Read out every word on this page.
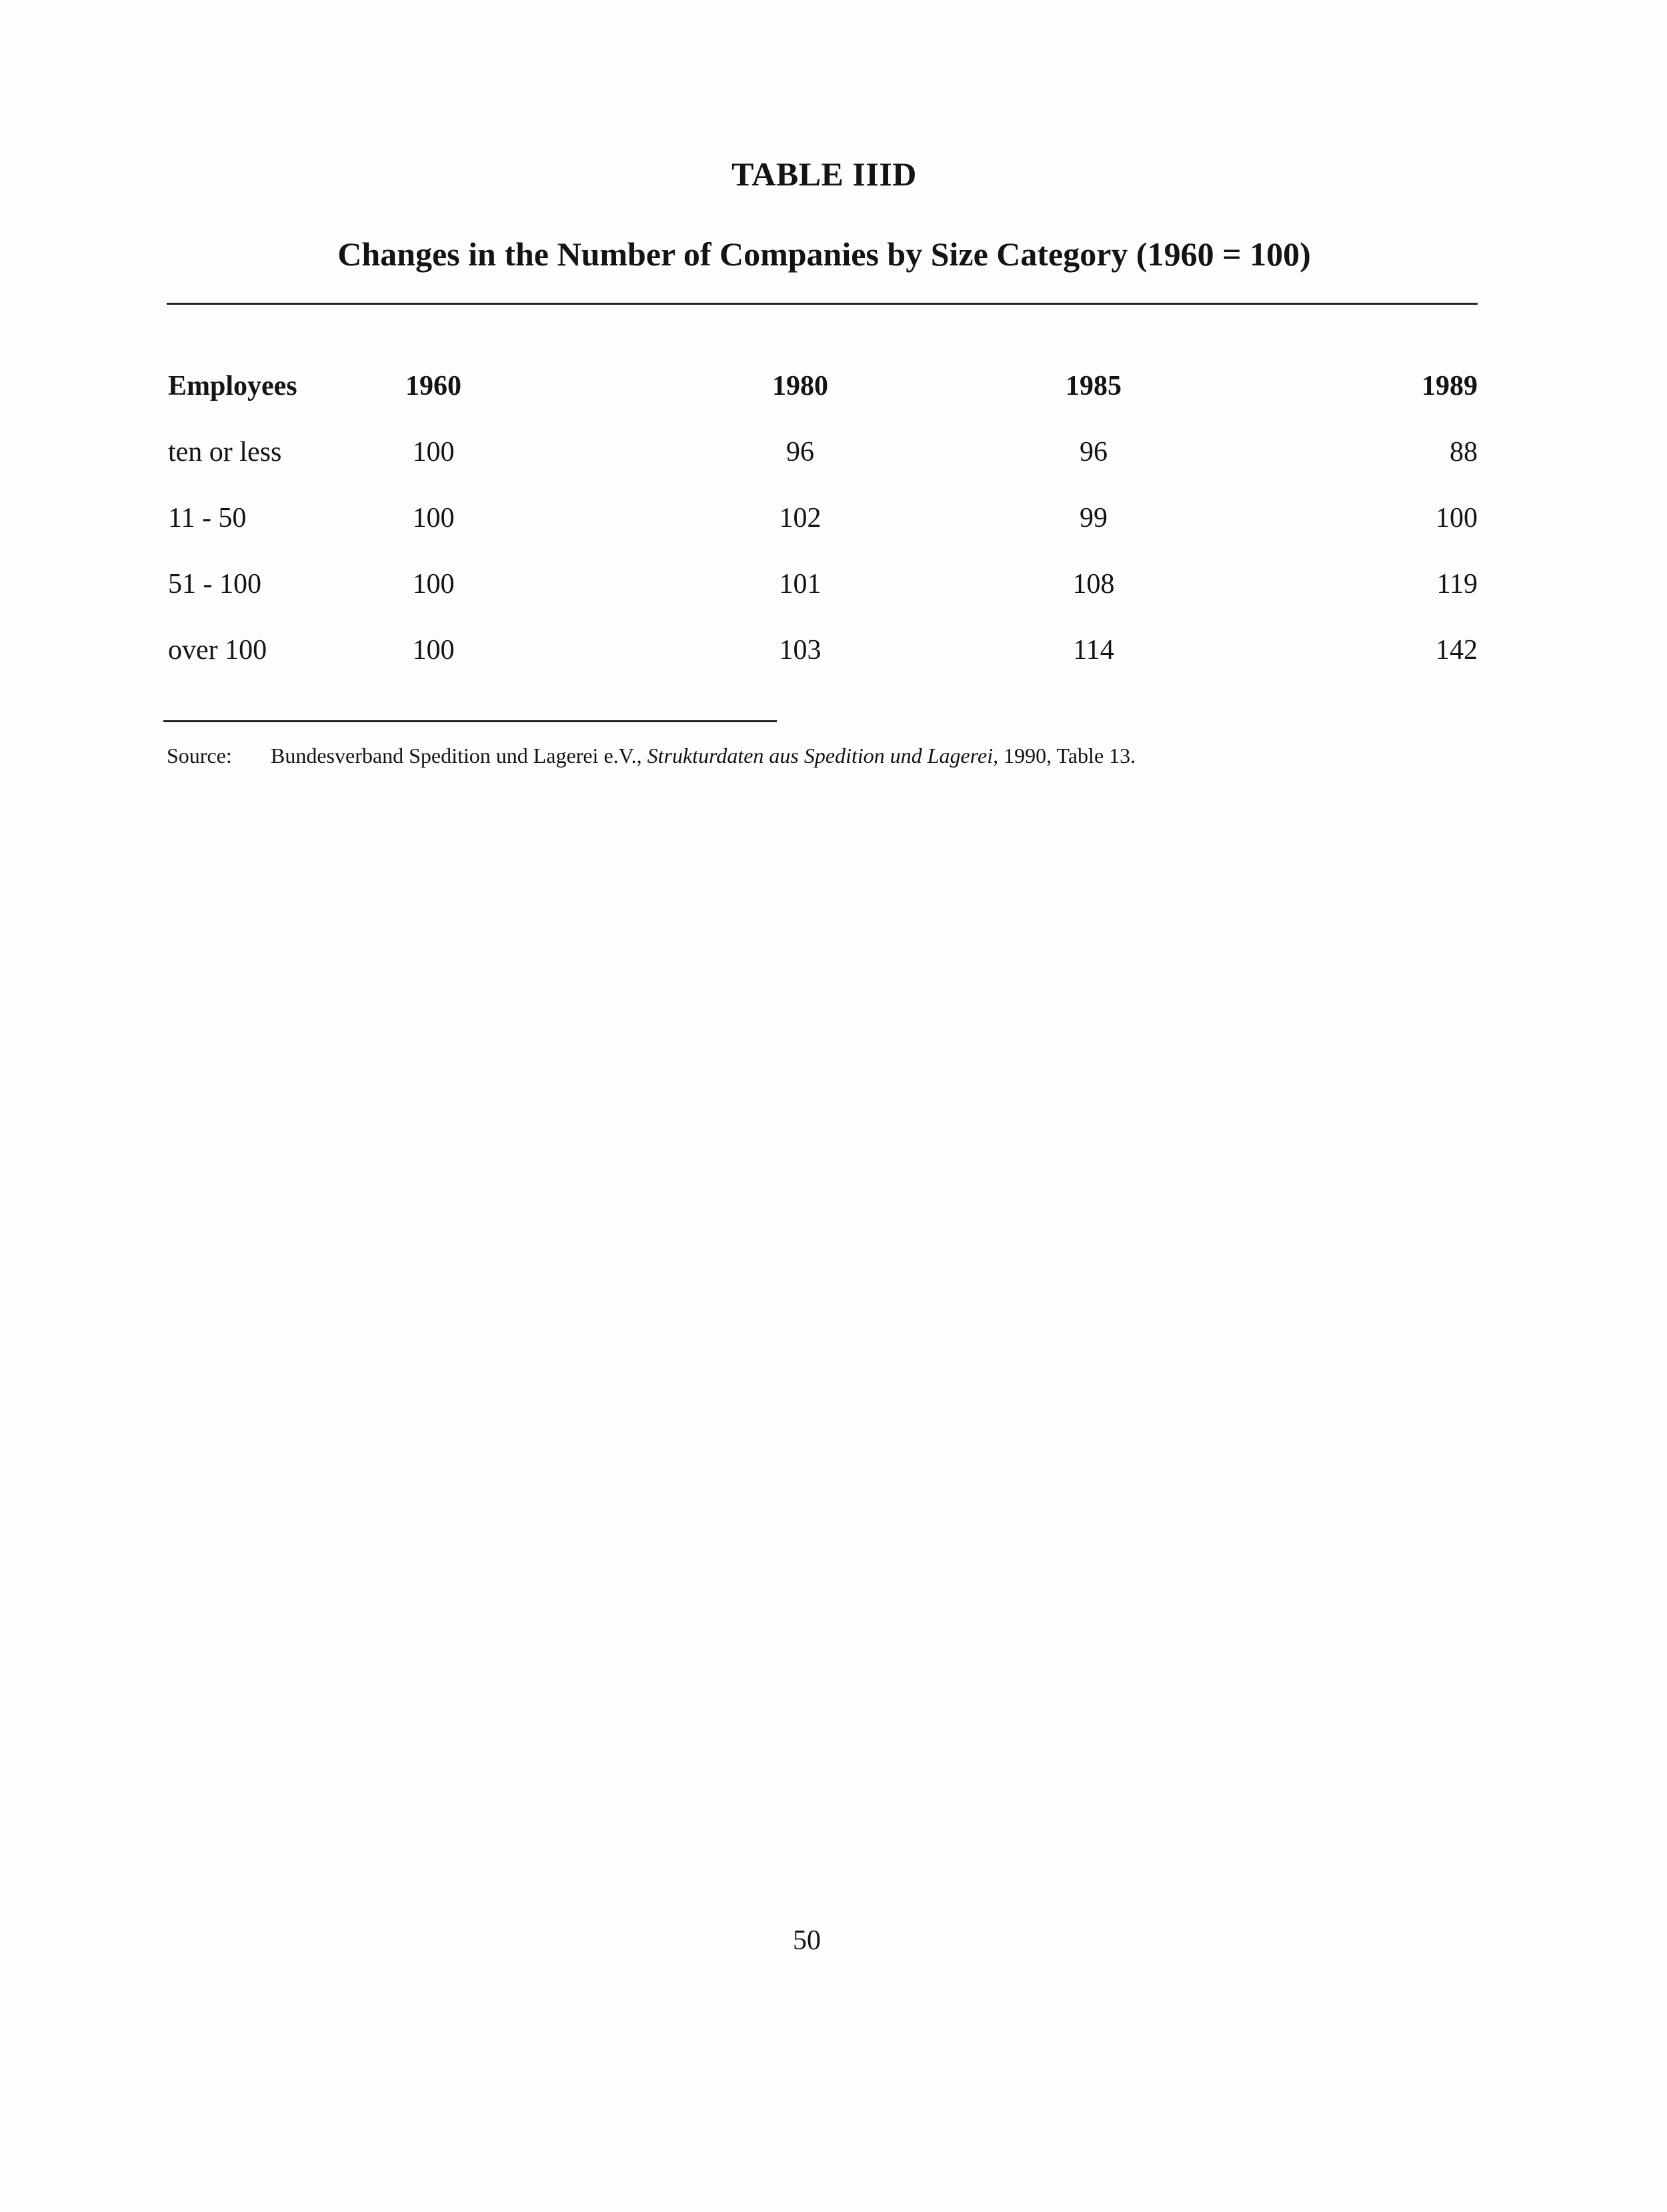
TABLE IIID
Changes in the Number of Companies by Size Category (1960 = 100)
Employees	1960	1980	1985	1989
ten or less	100	96	96	88
11 - 50	100	102	99	100
51 - 100	100	101	108	119
over 100	100	103	114	142
Source: Bundesverband Spedition und Lagerei e.V., Strukturdaten aus Spedition und Lagerei, 1990, Table 13.
50
